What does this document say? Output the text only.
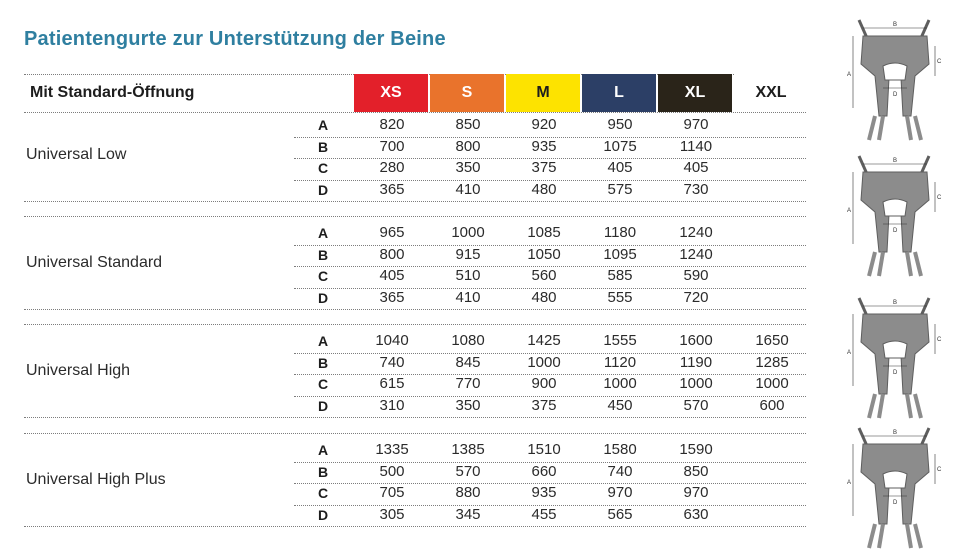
Patientengurte zur Unterstützung der Beine
Mit Standard-Öffnung	XS	S	M	L	XL	XXL
Universal Low
A	820	850	920	950	970
B	700	800	935	1075	1140
C	280	350	375	405	405
D	365	410	480	575	730
Universal Standard
A	965	1000	1085	1180	1240
B	800	915	1050	1095	1240
C	405	510	560	585	590
D	365	410	480	555	720
Universal High
A	1040	1080	1425	1555	1600	1650
B	740	845	1000	1120	1190	1285
C	615	770	900	1000	1000	1000
D	310	350	375	450	570	600
Universal High Plus
A	1335	1385	1510	1580	1590
B	500	570	660	740	850
C	705	880	935	970	970
D	305	345	455	565	630
B
A
C
D
B
A
C
D
B
A
C
D
B
A
C
D
